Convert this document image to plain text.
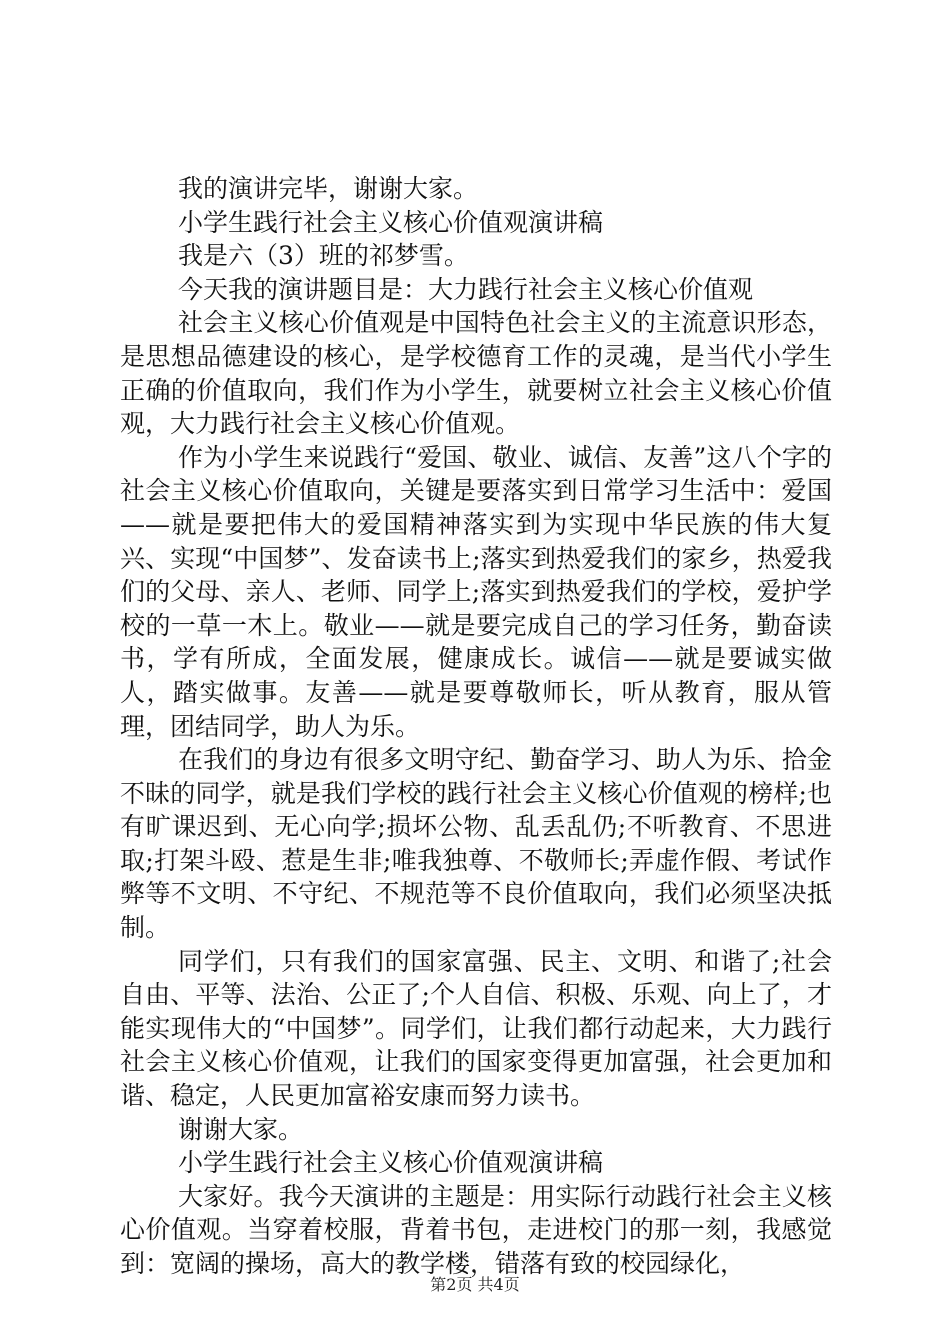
我的演讲完毕，谢谢大家。

小学生践行社会主义核心价值观演讲稿

我是六（3）班的祁梦雪。

今天我的演讲题目是：大力践行社会主义核心价值观

社会主义核心价值观是中国特色社会主义的主流意识形态，是思想品德建设的核心，是学校德育工作的灵魂，是当代小学生正确的价值取向，我们作为小学生，就要树立社会主义核心价值观，大力践行社会主义核心价值观。

作为小学生来说践行“爱国、敬业、诚信、友善”这八个字的社会主义核心价值取向，关键是要落实到日常学习生活中：爱国——就是要把伟大的爱国精神落实到为实现中华民族的伟大复兴、实现“中国梦”、发奋读书上;落实到热爱我们的家乡，热爱我们的父母、亲人、老师、同学上;落实到热爱我们的学校，爱护学校的一草一木上。敬业——就是要完成自己的学习任务，勤奋读书，学有所成，全面发展，健康成长。诚信——就是要诚实做人，踏实做事。友善——就是要尊敬师长，听从教育，服从管理，团结同学，助人为乐。

在我们的身边有很多文明守纪、勤奋学习、助人为乐、拾金不昧的同学，就是我们学校的践行社会主义核心价值观的榜样;也有旷课迟到、无心向学;损坏公物、乱丢乱仍;不听教育、不思进取;打架斗殴、惹是生非;唯我独尊、不敬师长;弄虚作假、考试作弊等不文明、不守纪、不规范等不良价值取向，我们必须坚决抵制。

同学们，只有我们的国家富强、民主、文明、和谐了;社会自由、平等、法治、公正了;个人自信、积极、乐观、向上了，才能实现伟大的“中国梦”。同学们，让我们都行动起来，大力践行社会主义核心价值观，让我们的国家变得更加富强，社会更加和谐、稳定，人民更加富裕安康而努力读书。

谢谢大家。

小学生践行社会主义核心价值观演讲稿

大家好。我今天演讲的主题是：用实际行动践行社会主义核心价值观。当穿着校服，背着书包，走进校门的那一刻，我感觉到：宽阔的操场，高大的教学楼，错落有致的校园绿化，

第2页 共4页
